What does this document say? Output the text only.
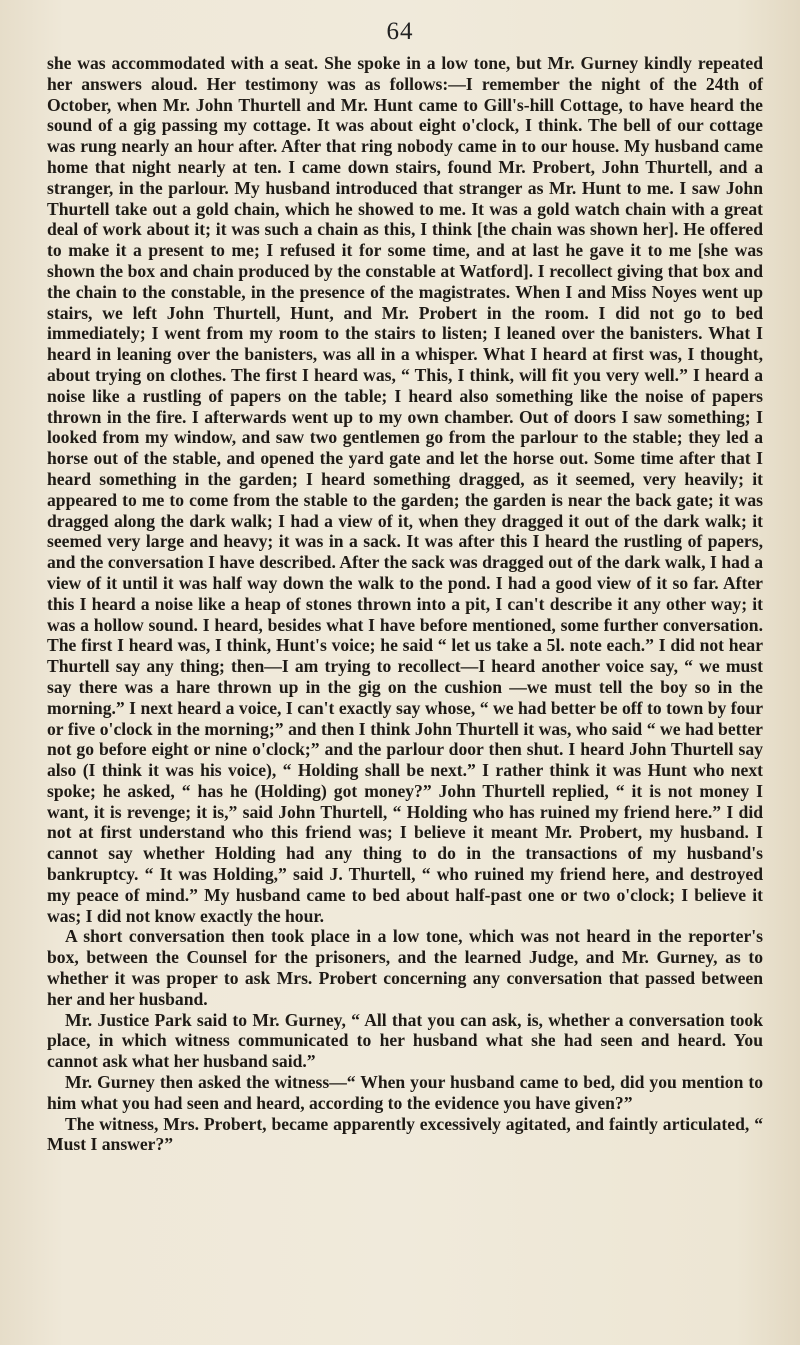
64

she was accommodated with a seat. She spoke in a low tone, but Mr. Gurney kindly repeated her answers aloud. Her testimony was as follows:—I remember the night of the 24th of October, when Mr. John Thurtell and Mr. Hunt came to Gill's-hill Cottage, to have heard the sound of a gig passing my cottage. It was about eight o'clock, I think. The bell of our cottage was rung nearly an hour after. After that ring nobody came in to our house. My husband came home that night nearly at ten. I came down stairs, found Mr. Probert, John Thurtell, and a stranger, in the parlour. My husband introduced that stranger as Mr. Hunt to me. I saw John Thurtell take out a gold chain, which he showed to me. It was a gold watch chain with a great deal of work about it; it was such a chain as this, I think [the chain was shown her]. He offered to make it a present to me; I refused it for some time, and at last he gave it to me [she was shown the box and chain produced by the constable at Watford]. I recollect giving that box and the chain to the constable, in the presence of the magistrates. When I and Miss Noyes went up stairs, we left John Thurtell, Hunt, and Mr. Probert in the room. I did not go to bed immediately; I went from my room to the stairs to listen; I leaned over the banisters. What I heard in leaning over the banisters, was all in a whisper. What I heard at first was, I thought, about trying on clothes. The first I heard was, “ This, I think, will fit you very well.” I heard a noise like a rustling of papers on the table; I heard also something like the noise of papers thrown in the fire. I afterwards went up to my own chamber. Out of doors I saw something; I looked from my window, and saw two gentlemen go from the parlour to the stable; they led a horse out of the stable, and opened the yard gate and let the horse out. Some time after that I heard something in the garden; I heard something dragged, as it seemed, very heavily; it appeared to me to come from the stable to the garden; the garden is near the back gate; it was dragged along the dark walk; I had a view of it, when they dragged it out of the dark walk; it seemed very large and heavy; it was in a sack. It was after this I heard the rustling of papers, and the conversation I have described. After the sack was dragged out of the dark walk, I had a view of it until it was half way down the walk to the pond. I had a good view of it so far. After this I heard a noise like a heap of stones thrown into a pit, I can't describe it any other way; it was a hollow sound. I heard, besides what I have before mentioned, some further conversation. The first I heard was, I think, Hunt's voice; he said “ let us take a 5l. note each.” I did not hear Thurtell say any thing; then—I am trying to recollect—I heard another voice say, “ we must say there was a hare thrown up in the gig on the cushion —we must tell the boy so in the morning.” I next heard a voice, I can't exactly say whose, “ we had better be off to town by four or five o'clock in the morning;” and then I think John Thurtell it was, who said “ we had better not go before eight or nine o'clock;” and the parlour door then shut. I heard John Thurtell say also (I think it was his voice), “ Holding shall be next.” I rather think it was Hunt who next spoke; he asked, “ has he (Holding) got money?” John Thurtell replied, “ it is not money I want, it is revenge; it is,” said John Thurtell, “ Holding who has ruined my friend here.” I did not at first understand who this friend was; I believe it meant Mr. Probert, my husband. I cannot say whether Holding had any thing to do in the transactions of my husband's bankruptcy. “ It was Holding,” said J. Thurtell, “ who ruined my friend here, and destroyed my peace of mind.” My husband came to bed about half-past one or two o'clock; I believe it was; I did not know exactly the hour.

A short conversation then took place in a low tone, which was not heard in the reporter's box, between the Counsel for the prisoners, and the learned Judge, and Mr. Gurney, as to whether it was proper to ask Mrs. Probert concerning any conversation that passed between her and her husband.

Mr. Justice Park said to Mr. Gurney, “ All that you can ask, is, whether a conversation took place, in which witness communicated to her husband what she had seen and heard. You cannot ask what her husband said.”

Mr. Gurney then asked the witness—“ When your husband came to bed, did you mention to him what you had seen and heard, according to the evidence you have given?”

The witness, Mrs. Probert, became apparently excessively agitated, and faintly articulated, “ Must I answer?”
